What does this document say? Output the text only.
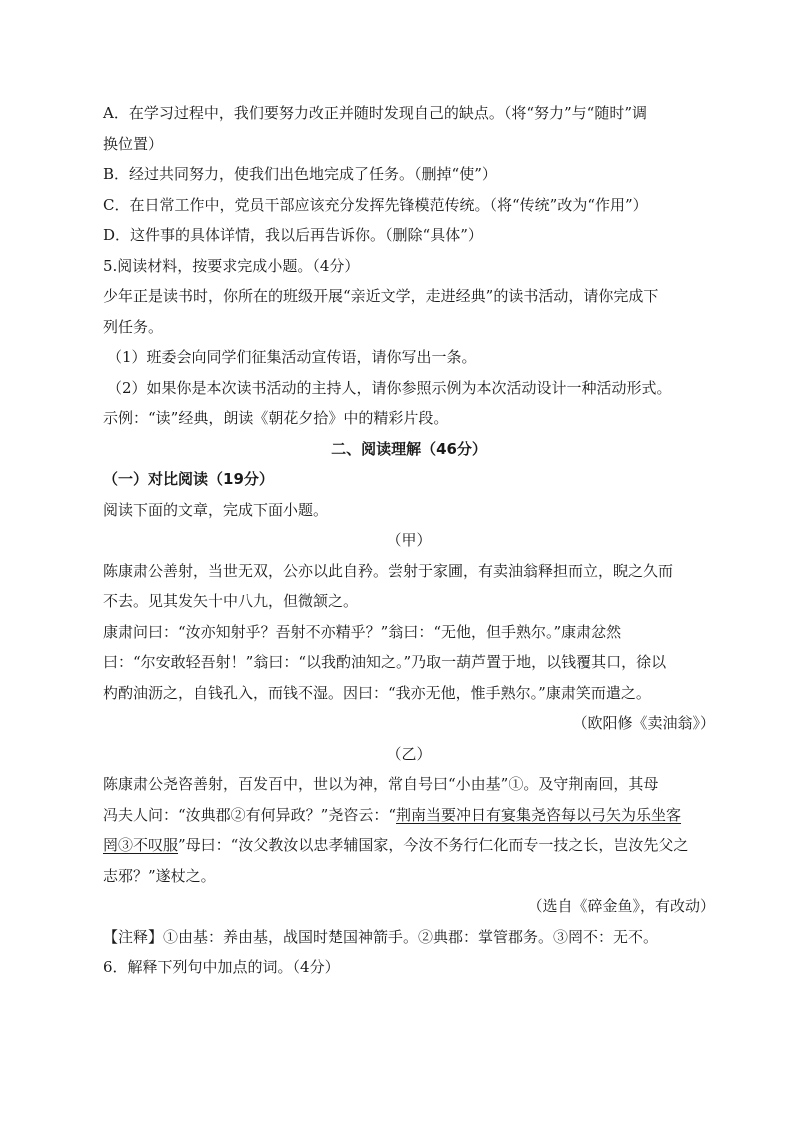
A．在学习过程中，我们要努力改正并随时发现自己的缺点。（将“努力”与“随时”调

换位置）

B．经过共同努力，使我们出色地完成了任务。（删掉“使”）

C．在日常工作中，党员干部应该充分发挥先锋模范传统。（将“传统”改为“作用”）

D．这件事的具体详情，我以后再告诉你。（删除“具体”）

5.阅读材料，按要求完成小题。（4分）

少年正是读书时，你所在的班级开展“亲近文学，走进经典”的读书活动，请你完成下

列任务。

（1）班委会向同学们征集活动宣传语，请你写出一条。

（2）如果你是本次读书活动的主持人，请你参照示例为本次活动设计一种活动形式。

示例：“读”经典，朗读《朝花夕拾》中的精彩片段。

二、阅读理解（46分）

（一）对比阅读（19分）

阅读下面的文章，完成下面小题。

（甲）

陈康肃公善射，当世无双，公亦以此自矜。尝射于家圃，有卖油翁释担而立，睨之久而

不去。见其发矢十中八九，但微颔之。

康肃问曰：“汝亦知射乎？吾射不亦精乎？”翁曰：“无他，但手熟尔。”康肃忿然

曰：“尔安敢轻吾射！”翁曰：“以我酌油知之。”乃取一葫芦置于地，以钱覆其口，徐以

杓酌油沥之，自钱孔入，而钱不湿。因曰：“我亦无他，惟手熟尔。”康肃笑而遣之。

（欧阳修《卖油翁》）

（乙）

陈康肃公尧咨善射，百发百中，世以为神，常自号曰“小由基”①。及守荆南回，其母

冯夫人问：“汝典郡②有何异政？”尧咨云：“荆南当要冲日有宴集尧咨每以弓矢为乐坐客

罔③不叹服”母曰：“汝父教汝以忠孝辅国家，今汝不务行仁化而专一技之长，岂汝先父之

志邪？”遂杖之。

（选自《碎金鱼》，有改动）

【注释】①由基：养由基，战国时楚国神箭手。②典郡：掌管郡务。③罔不：无不。

6．解释下列句中加点的词。（4分）
